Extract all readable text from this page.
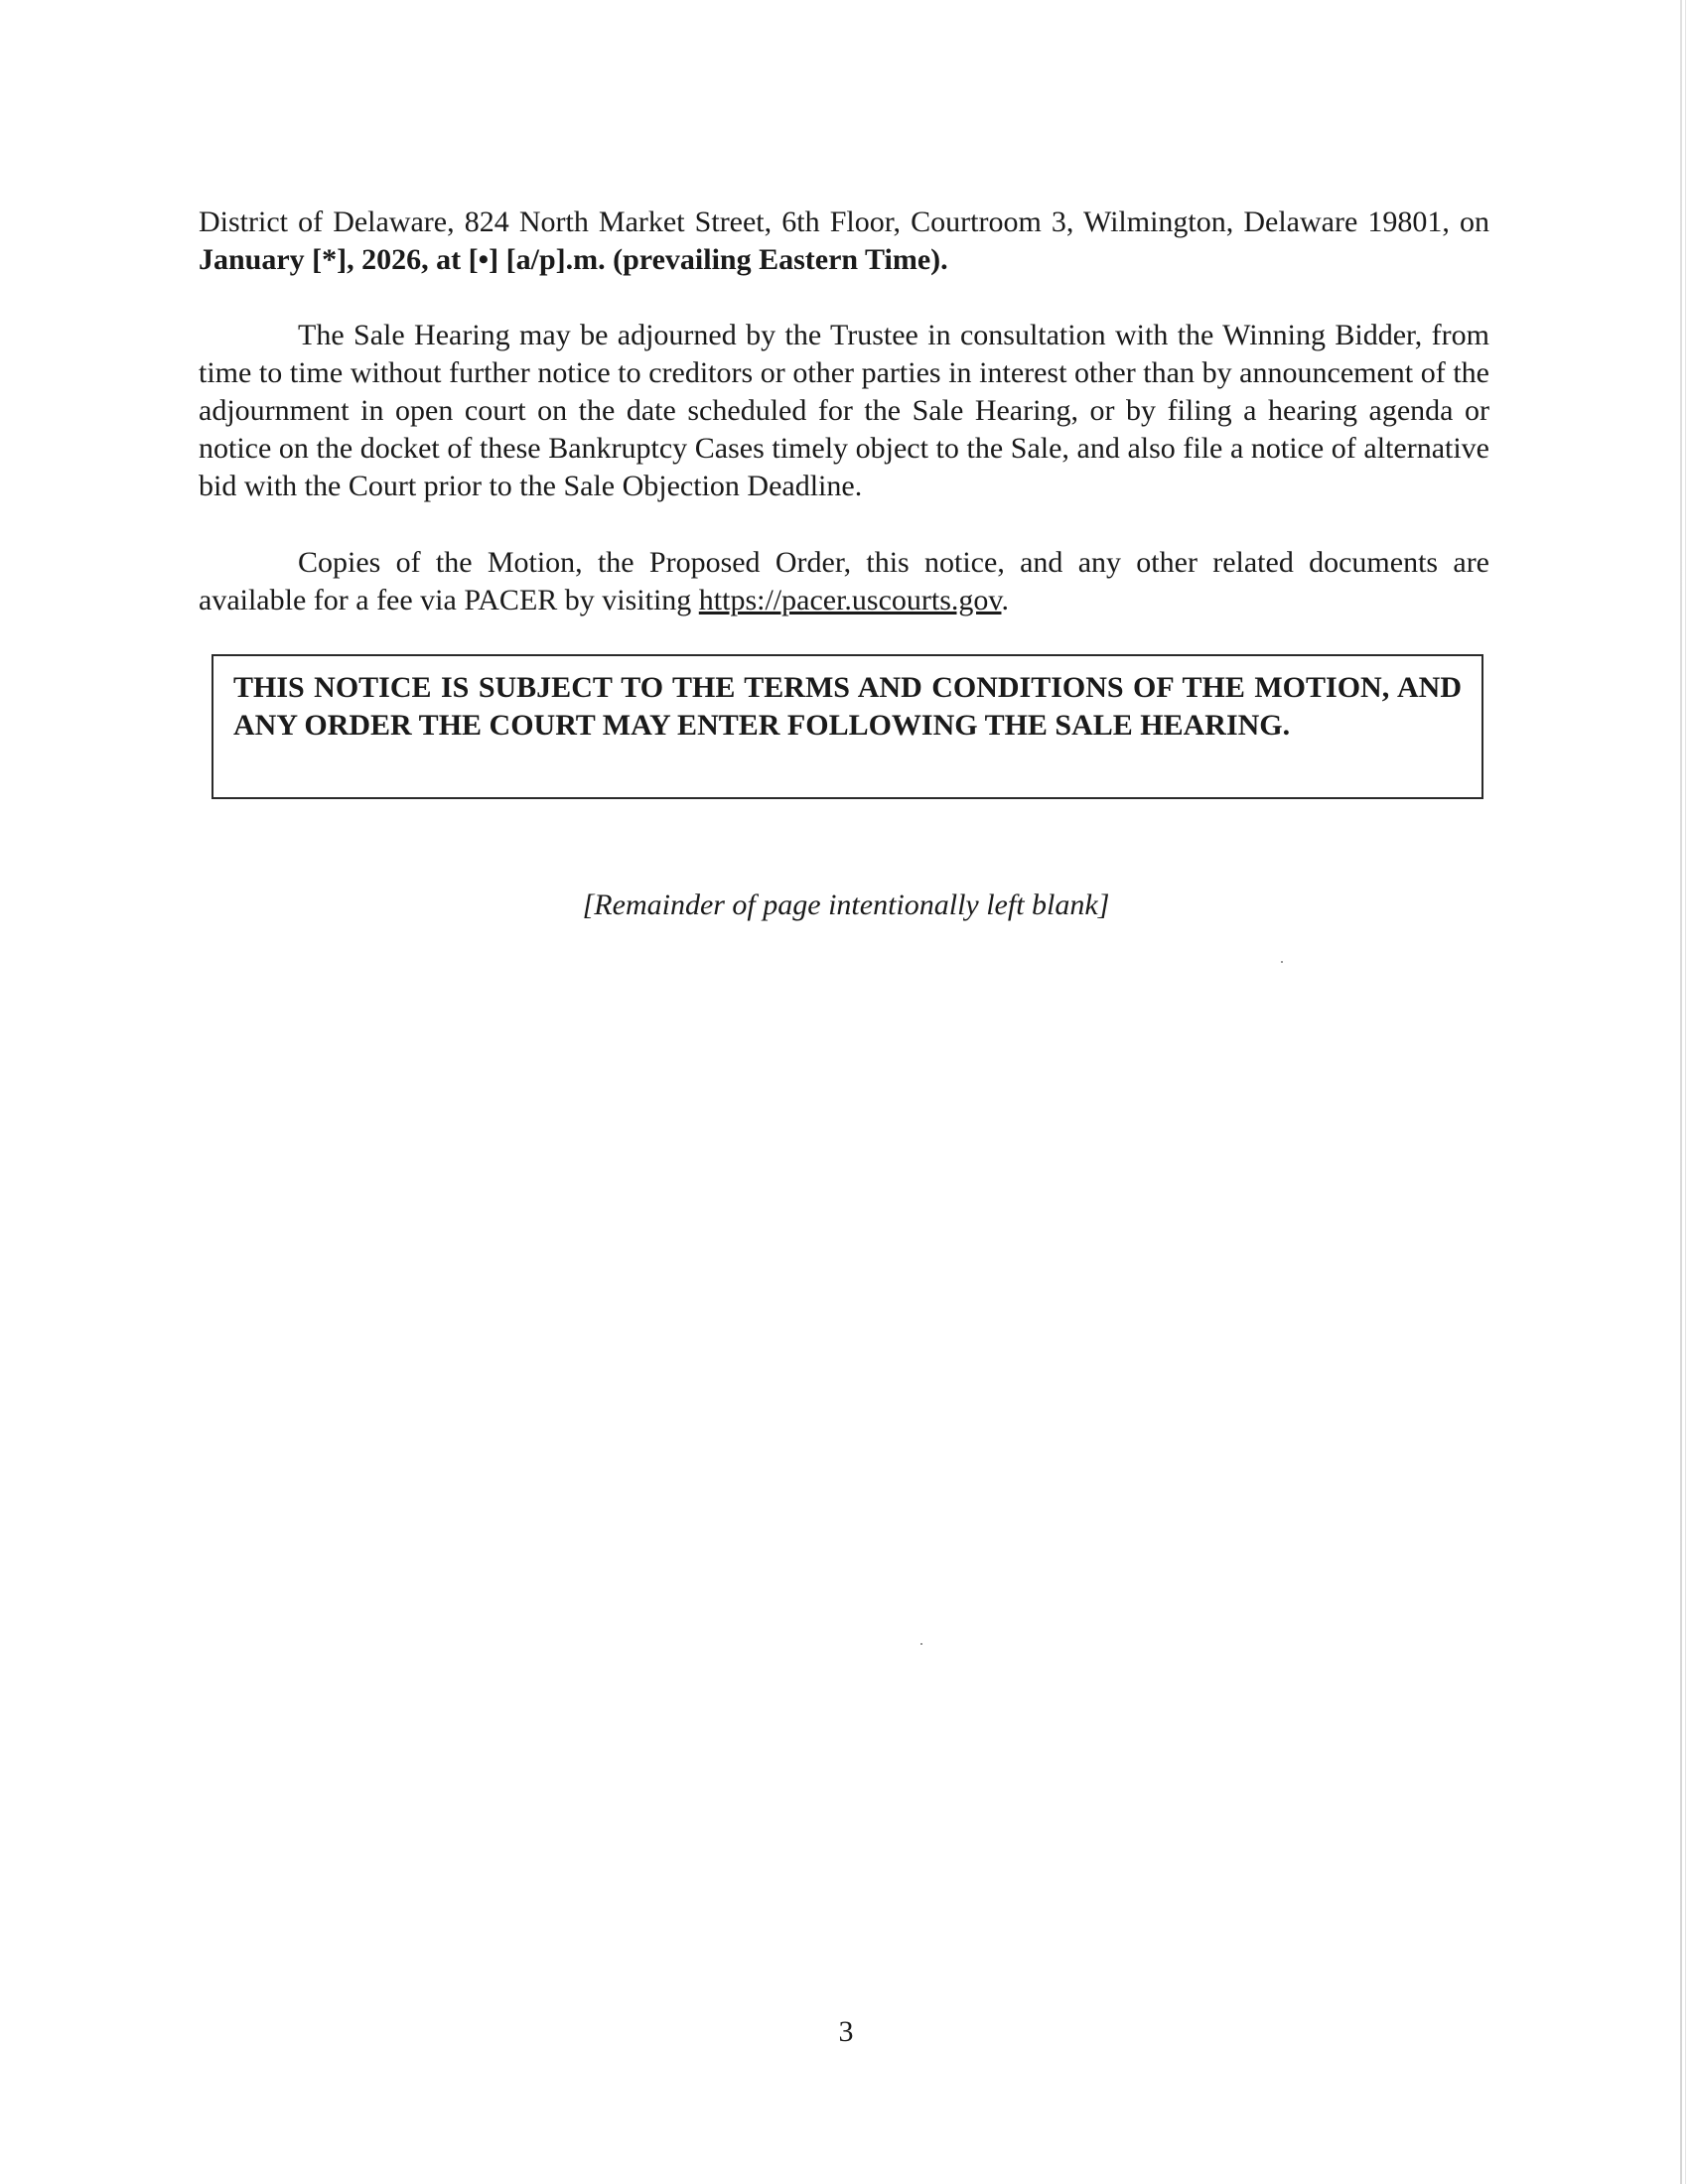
District of Delaware, 824 North Market Street, 6th Floor, Courtroom 3, Wilmington, Delaware 19801, on January [*], 2026, at [•] [a/p].m. (prevailing Eastern Time).

The Sale Hearing may be adjourned by the Trustee in consultation with the Winning Bidder, from time to time without further notice to creditors or other parties in interest other than by announcement of the adjournment in open court on the date scheduled for the Sale Hearing, or by filing a hearing agenda or notice on the docket of these Bankruptcy Cases timely object to the Sale, and also file a notice of alternative bid with the Court prior to the Sale Objection Deadline.

Copies of the Motion, the Proposed Order, this notice, and any other related documents are available for a fee via PACER by visiting https://pacer.uscourts.gov.

THIS NOTICE IS SUBJECT TO THE TERMS AND CONDITIONS OF THE MOTION, AND ANY ORDER THE COURT MAY ENTER FOLLOWING THE SALE HEARING.
[Remainder of page intentionally left blank]
3
